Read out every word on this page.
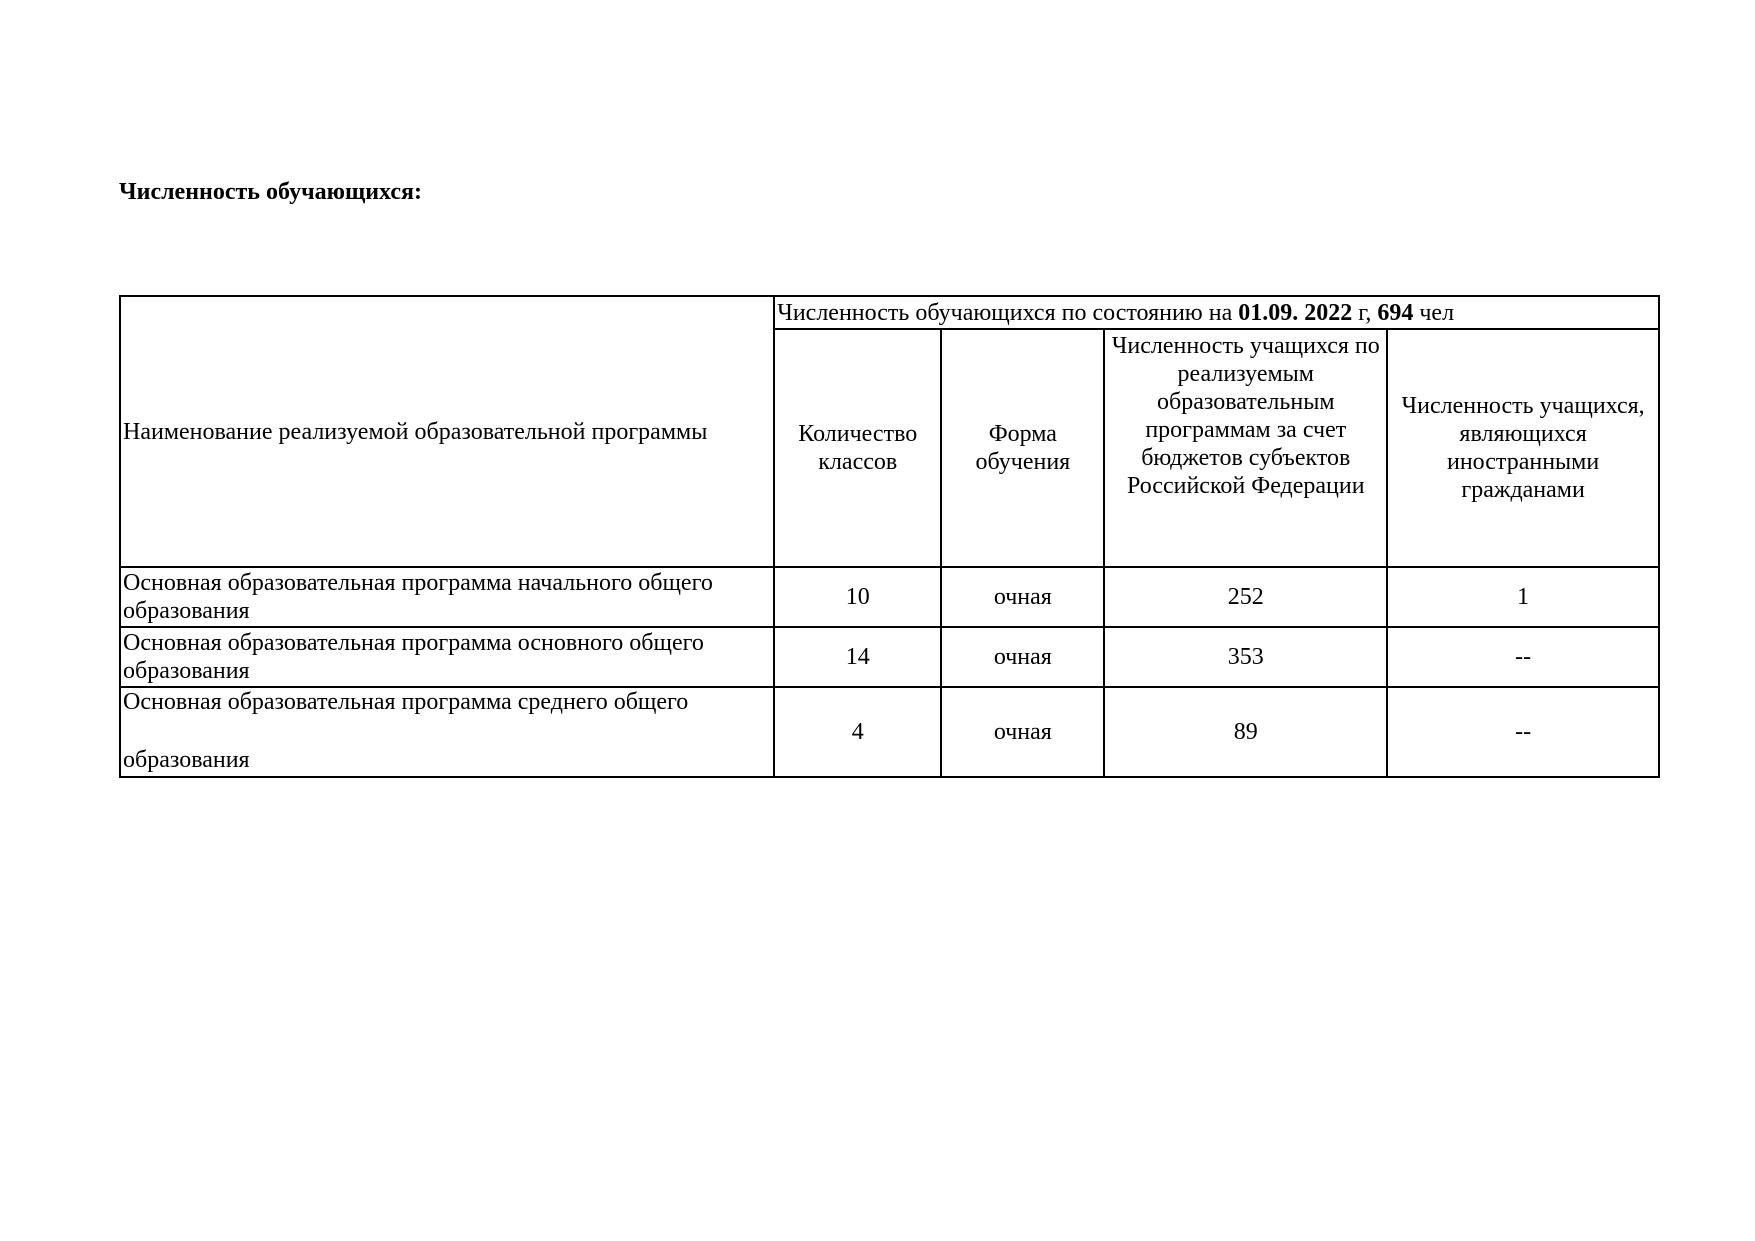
Численность обучающихся:

Наименование реализуемой образовательной программы	Численность обучающихся по состоянию на 01.09. 2022 г, 694 чел			
	Количество классов	Форма обучения	Численность учащихся по реализуемым образовательным программам за счет бюджетов субъектов Российской Федерации	Численность учащихся, являющихся иностранными гражданами
Основная образовательная программа начального общего образования	10	очная	252	1
Основная образовательная программа основного общего образования	14	очная	353	--
Основная образовательная программа среднего общего
образования	4	очная	89	--
